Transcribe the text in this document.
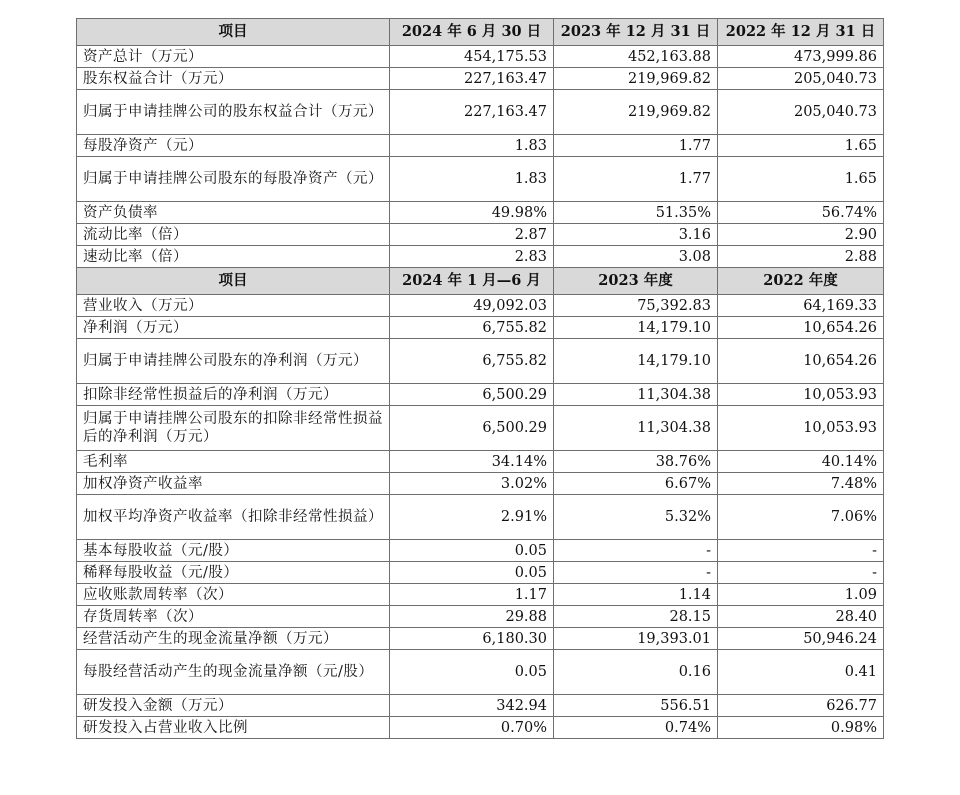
项目	2024 年 6 月 30 日	2023 年 12 月 31 日	2022 年 12 月 31 日
资产总计（万元）	454,175.53	452,163.88	473,999.86
股东权益合计（万元）	227,163.47	219,969.82	205,040.73
归属于申请挂牌公司的股东权益合计（万元）	227,163.47	219,969.82	205,040.73
每股净资产（元）	1.83	1.77	1.65
归属于申请挂牌公司股东的每股净资产（元）	1.83	1.77	1.65
资产负债率	49.98%	51.35%	56.74%
流动比率（倍）	2.87	3.16	2.90
速动比率（倍）	2.83	3.08	2.88
项目	2024 年 1 月—6 月	2023 年度	2022 年度
营业收入（万元）	49,092.03	75,392.83	64,169.33
净利润（万元）	6,755.82	14,179.10	10,654.26
归属于申请挂牌公司股东的净利润（万元）	6,755.82	14,179.10	10,654.26
扣除非经常性损益后的净利润（万元）	6,500.29	11,304.38	10,053.93
归属于申请挂牌公司股东的扣除非经常性损益后的净利润（万元）	6,500.29	11,304.38	10,053.93
毛利率	34.14%	38.76%	40.14%
加权净资产收益率	3.02%	6.67%	7.48%
加权平均净资产收益率（扣除非经常性损益）	2.91%	5.32%	7.06%
基本每股收益（元/股）	0.05	-	-
稀释每股收益（元/股）	0.05	-	-
应收账款周转率（次）	1.17	1.14	1.09
存货周转率（次）	29.88	28.15	28.40
经营活动产生的现金流量净额（万元）	6,180.30	19,393.01	50,946.24
每股经营活动产生的现金流量净额（元/股）	0.05	0.16	0.41
研发投入金额（万元）	342.94	556.51	626.77
研发投入占营业收入比例	0.70%	0.74%	0.98%
